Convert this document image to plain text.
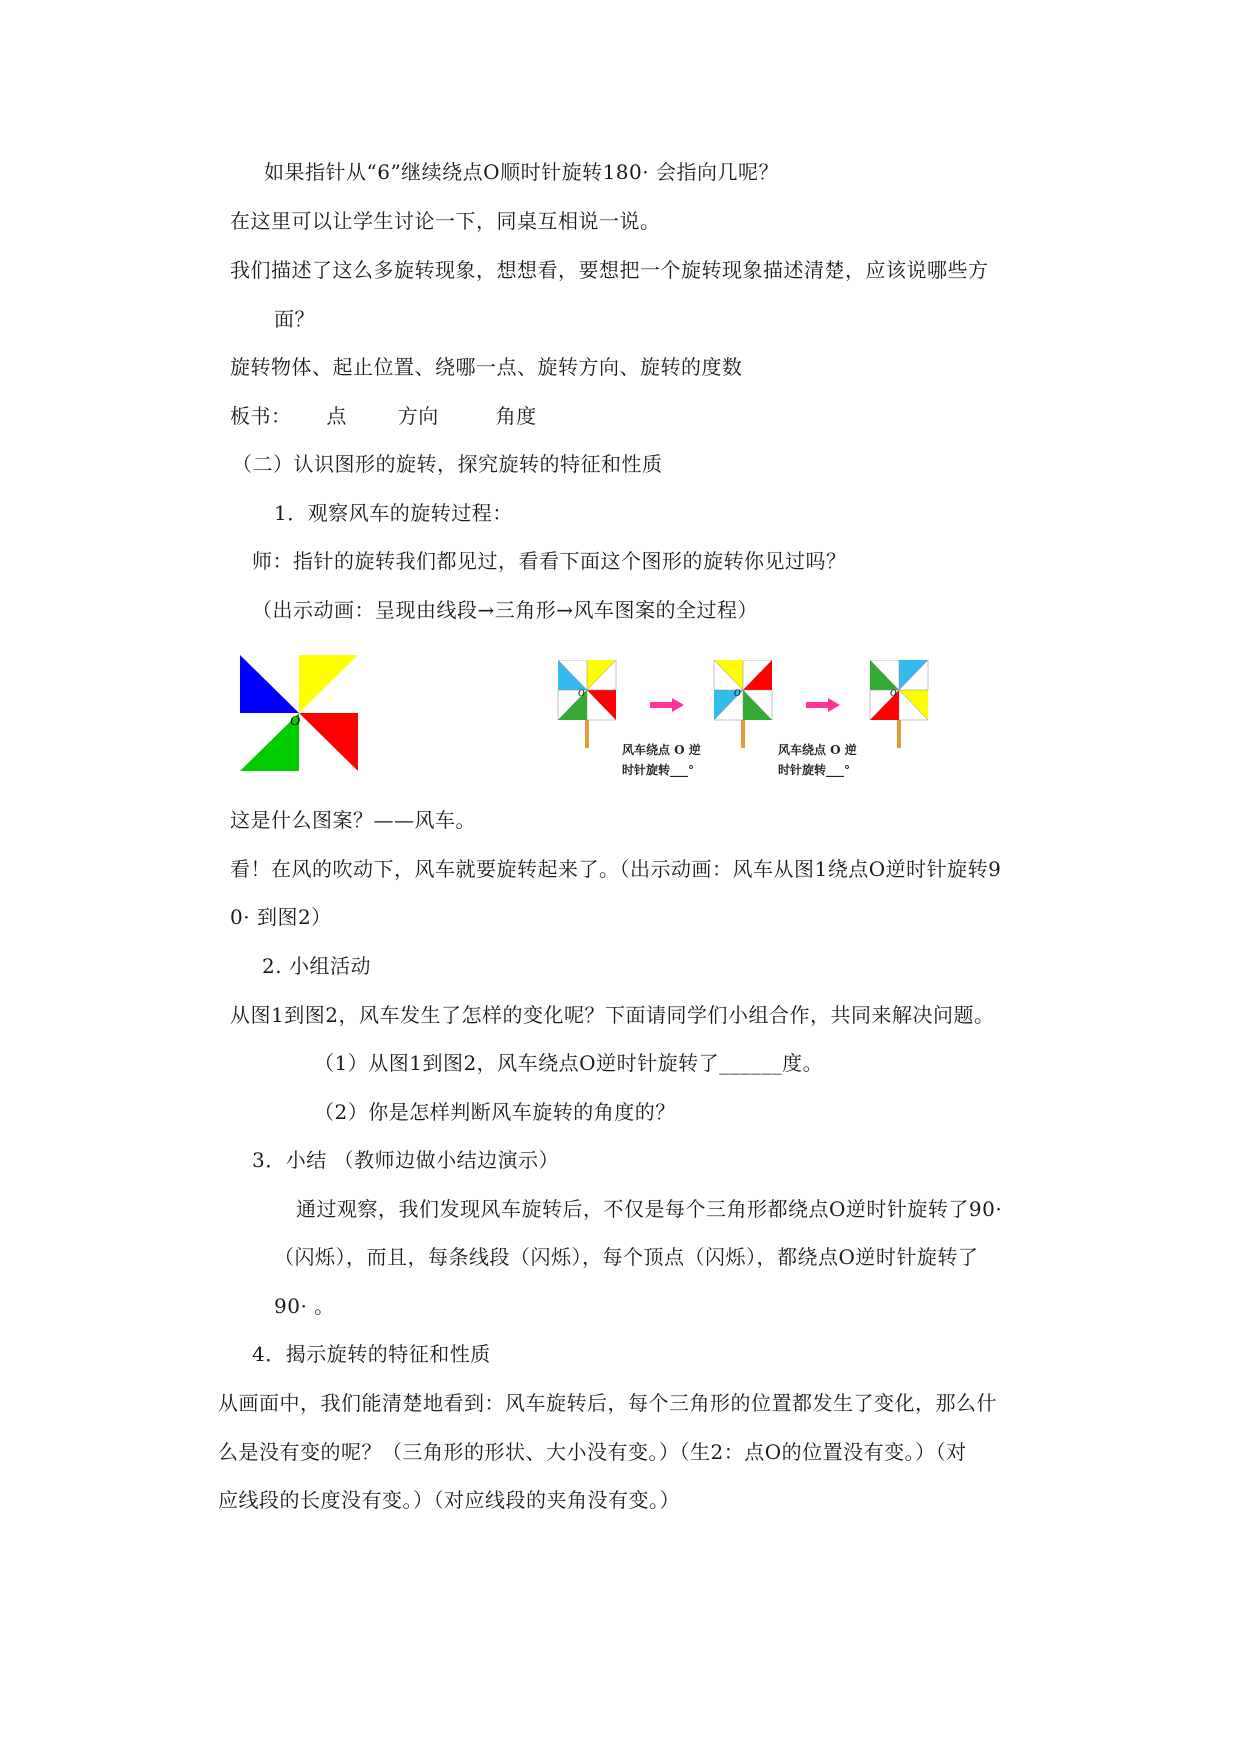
如果指针从“6”继续绕点O顺时针旋转180· 会指向几呢？
在这里可以让学生讨论一下，同桌互相说一说。
我们描述了这么多旋转现象，想想看，要想把一个旋转现象描述清楚，应该说哪些方
面？
旋转物体、起止位置、绕哪一点、旋转方向、旋转的度数
板书： 点	方向	角度
（二）认识图形的旋转，探究旋转的特征和性质
1．观察风车的旋转过程：
师：指针的旋转我们都见过，看看下面这个图形的旋转你见过吗？
（出示动画：呈现由线段→三角形→风车图案的全过程）
O
O	O	O
风车绕点 O 逆
时针旋转___°
风车绕点 O 逆
时针旋转___°
这是什么图案？——风车。
看！在风的吹动下，风车就要旋转起来了。（出示动画：风车从图1绕点O逆时针旋转9
0· 到图2）
2. 小组活动
从图1到图2，风车发生了怎样的变化呢？下面请同学们小组合作，共同来解决问题。
（1）从图1到图2，风车绕点O逆时针旋转了______度。
（2）你是怎样判断风车旋转的角度的？
3．小结 （教师边做小结边演示）
通过观察，我们发现风车旋转后，不仅是每个三角形都绕点O逆时针旋转了90·
（闪烁），而且，每条线段（闪烁），每个顶点（闪烁），都绕点O逆时针旋转了
90· 。
4．揭示旋转的特征和性质
从画面中，我们能清楚地看到：风车旋转后，每个三角形的位置都发生了变化，那么什
么是没有变的呢？（三角形的形状、大小没有变。）（生2：点O的位置没有变。）（对
应线段的长度没有变。）（对应线段的夹角没有变。）
